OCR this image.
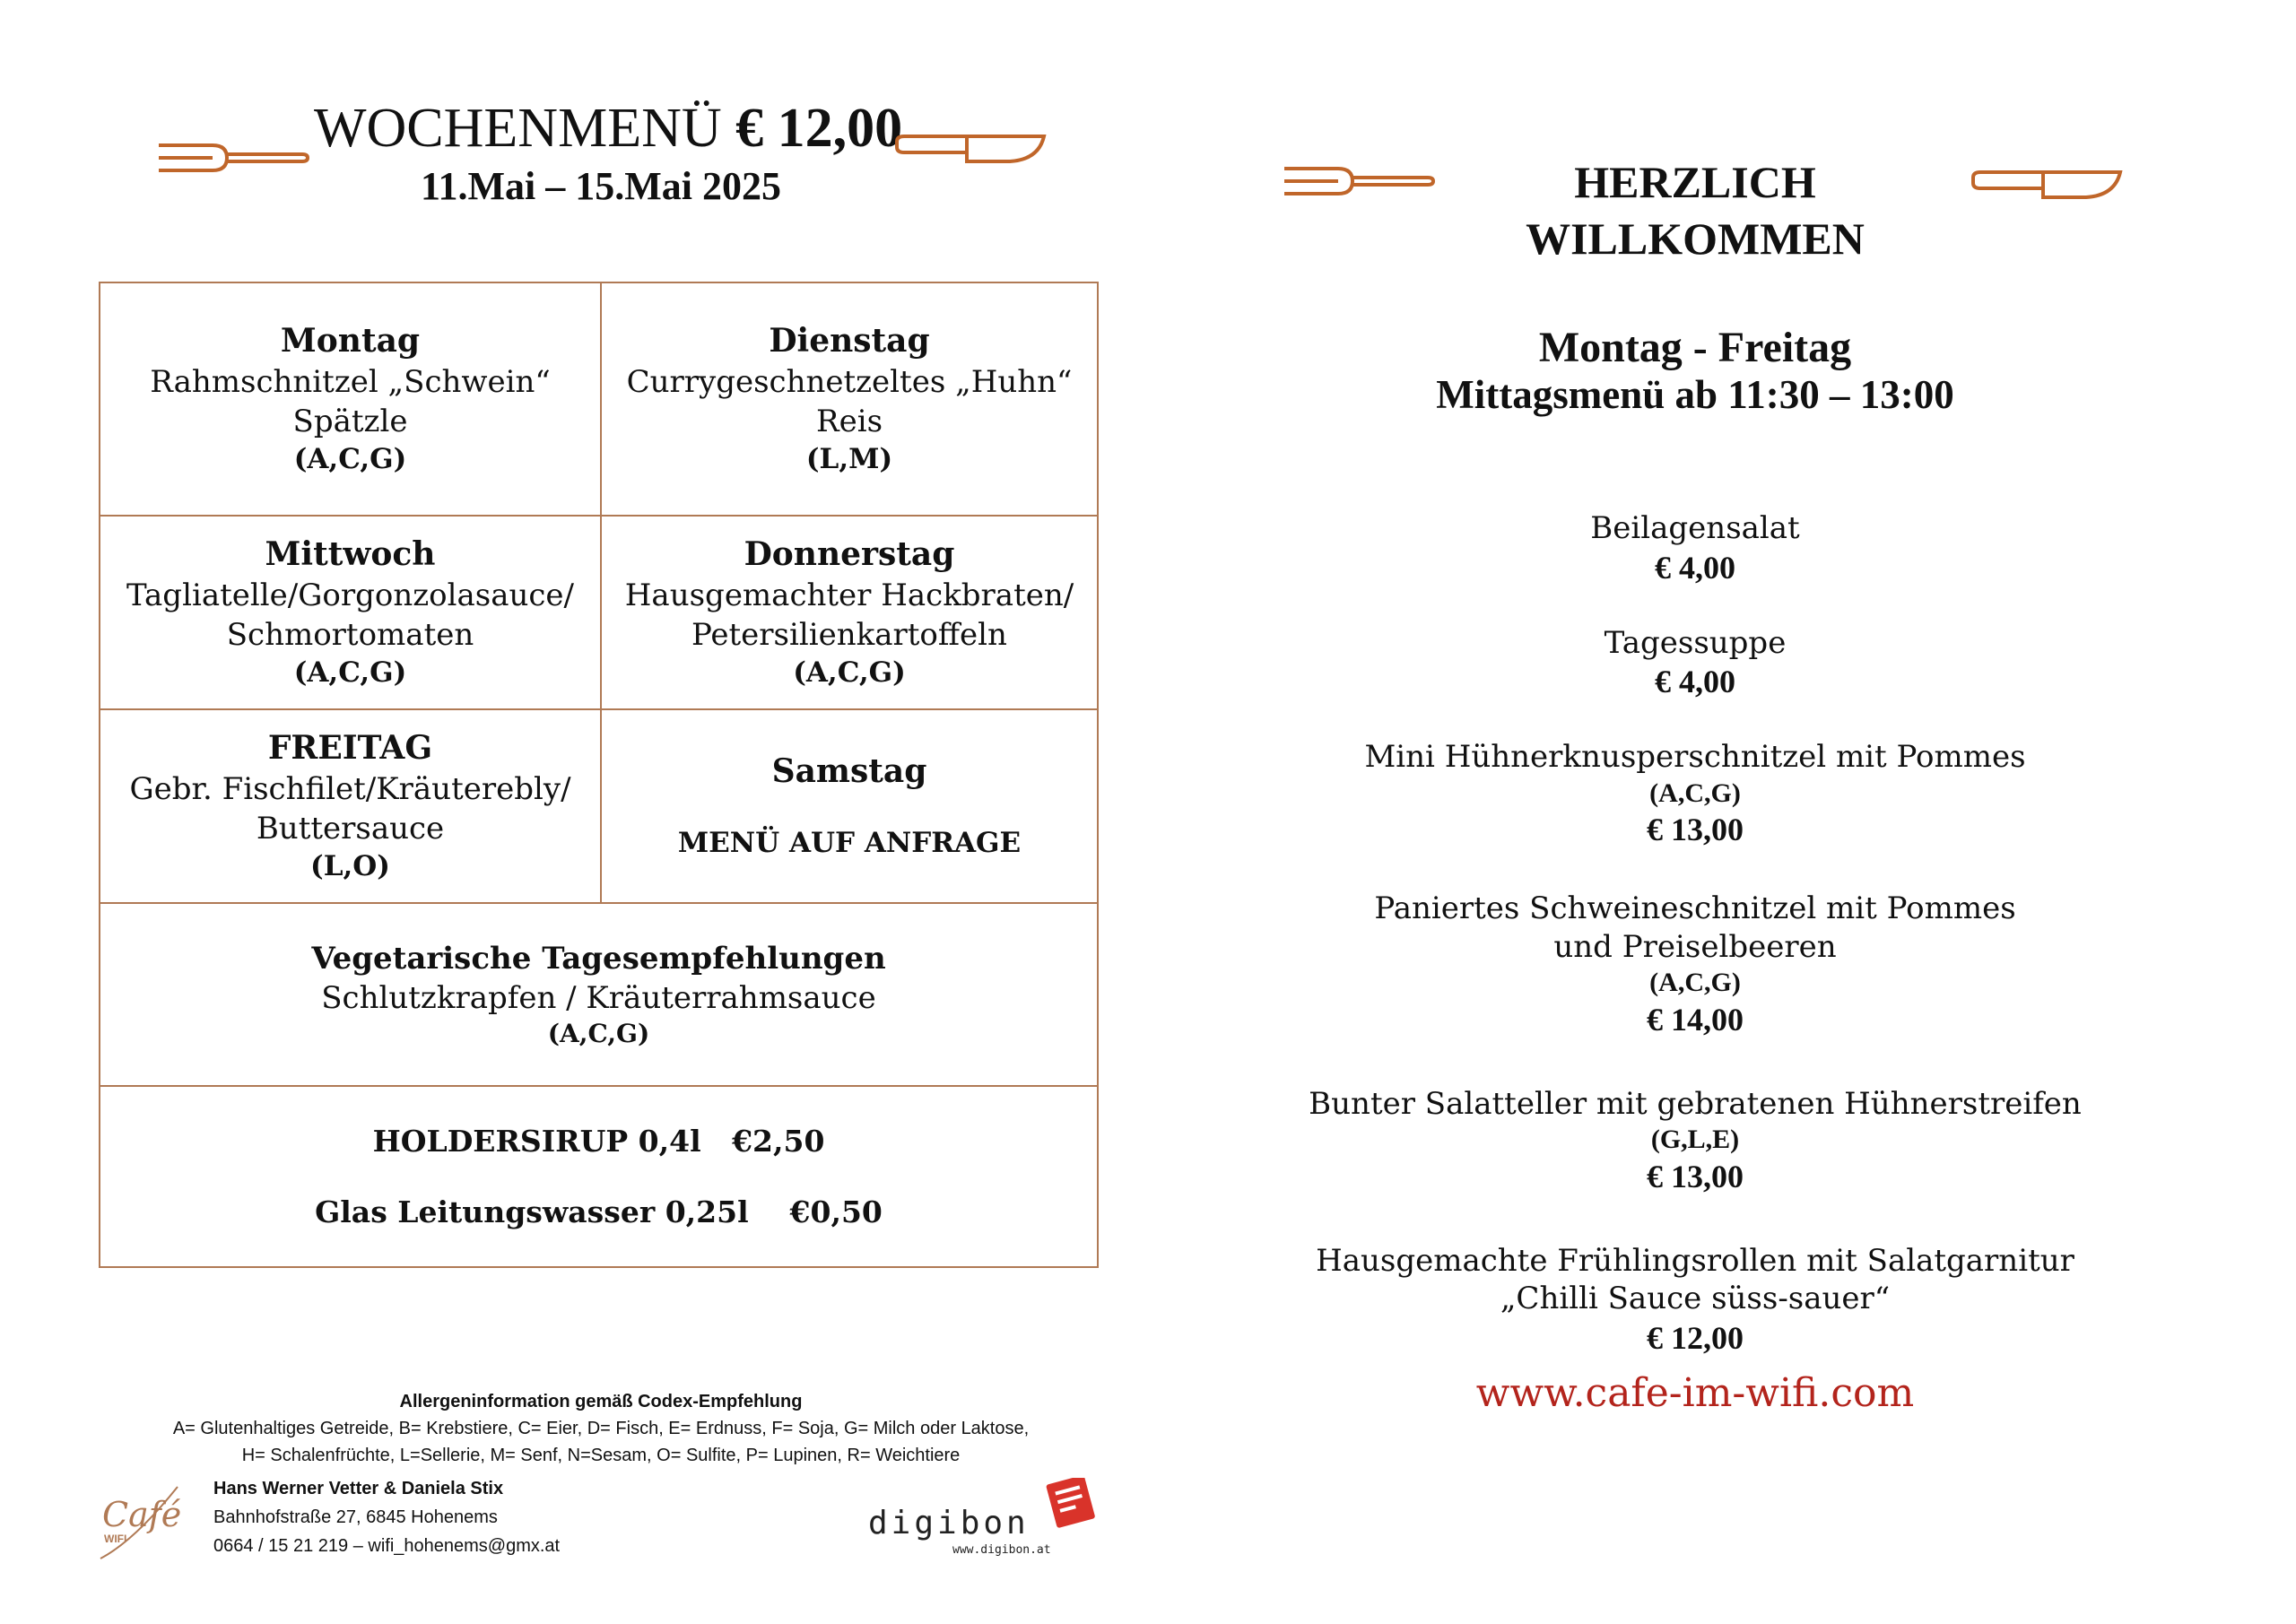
WOCHENMENÜ € 12,00
11.Mai – 15.Mai 2025
Montag
Rahmschnitzel „Schwein“
Spätzle
(A,C,G)
Dienstag
Currygeschnetzeltes „Huhn“
Reis
(L,M)
Mittwoch
Tagliatelle/Gorgonzolasauce/
Schmortomaten
(A,C,G)
Donnerstag
Hausgemachter Hackbraten/
Petersilienkartoffeln
(A,C,G)
FREITAG
Gebr. Fischfilet/Kräuterebly/
Buttersauce
(L,O)
Samstag
MENÜ AUF ANFRAGE
Vegetarische Tagesempfehlungen
Schlutzkrapfen / Kräuterrahmsauce
(A,C,G)
HOLDERSIRUP 0,4l   €2,50
Glas Leitungswasser 0,25l    €0,50
Allergeninformation gemäß Codex-Empfehlung
A= Glutenhaltiges Getreide, B= Krebstiere, C= Eier, D= Fisch, E= Erdnuss, F= Soja, G= Milch oder Laktose,
H= Schalenfrüchte, L=Sellerie, M= Senf, N=Sesam, O= Sulfite, P= Lupinen, R= Weichtiere
Café
WIFI
Hans Werner Vetter & Daniela Stix
Bahnhofstraße 27, 6845 Hohenems
0664 / 15 21 219 – wifi_hohenems@gmx.at
digibon
www.digibon.at
HERZLICH
WILLKOMMEN
Montag - Freitag
Mittagsmenü ab 11:30 – 13:00
Beilagensalat
€ 4,00
Tagessuppe
€ 4,00
Mini Hühnerknusperschnitzel mit Pommes
(A,C,G)
€ 13,00
Paniertes Schweineschnitzel mit Pommes
und Preiselbeeren
(A,C,G)
€ 14,00
Bunter Salatteller mit gebratenen Hühnerstreifen
(G,L,E)
€ 13,00
Hausgemachte Frühlingsrollen mit Salatgarnitur
„Chilli Sauce süss-sauer“
€ 12,00
www.cafe-im-wifi.com
